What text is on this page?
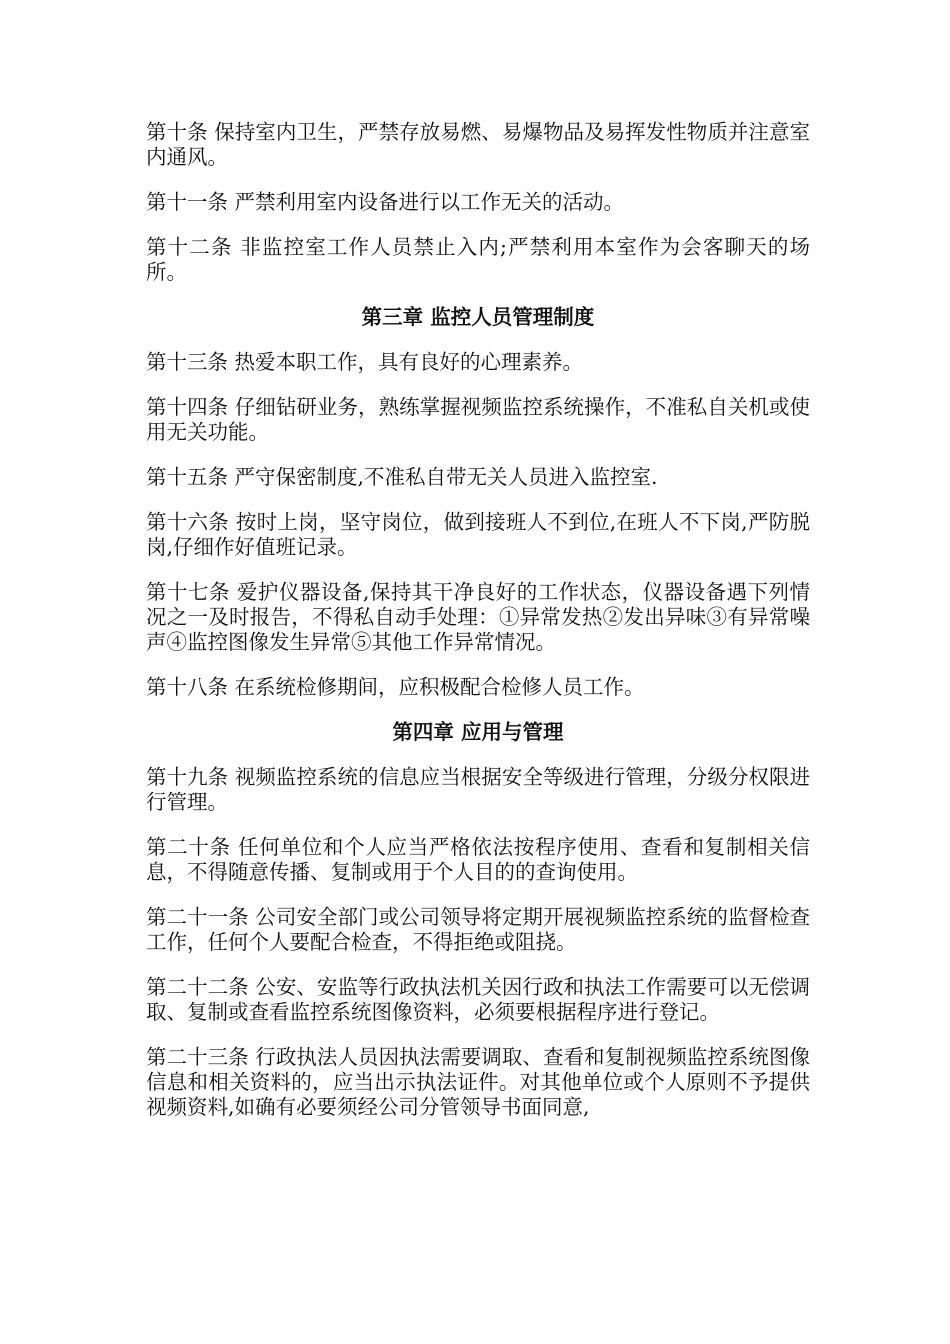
第十条 保持室内卫生，严禁存放易燃、易爆物品及易挥发性物质并注意室内通风。

第十一条 严禁利用室内设备进行以工作无关的活动。

第十二条 非监控室工作人员禁止入内;严禁利用本室作为会客聊天的场所。

第三章 监控人员管理制度

第十三条 热爱本职工作，具有良好的心理素养。

第十四条 仔细钻研业务，熟练掌握视频监控系统操作，不准私自关机或使用无关功能。

第十五条 严守保密制度,不准私自带无关人员进入监控室.

第十六条 按时上岗，坚守岗位，做到接班人不到位,在班人不下岗,严防脱岗,仔细作好值班记录。

第十七条 爱护仪器设备,保持其干净良好的工作状态，仪器设备遇下列情况之一及时报告，不得私自动手处理：①异常发热②发出异味③有异常噪声④监控图像发生异常⑤其他工作异常情况。

第十八条 在系统检修期间，应积极配合检修人员工作。

第四章 应用与管理

第十九条 视频监控系统的信息应当根据安全等级进行管理，分级分权限进行管理。

第二十条 任何单位和个人应当严格依法按程序使用、查看和复制相关信息，不得随意传播、复制或用于个人目的的查询使用。

第二十一条 公司安全部门或公司领导将定期开展视频监控系统的监督检查工作，任何个人要配合检查，不得拒绝或阻挠。

第二十二条 公安、安监等行政执法机关因行政和执法工作需要可以无偿调取、复制或查看监控系统图像资料，必须要根据程序进行登记。

第二十三条 行政执法人员因执法需要调取、查看和复制视频监控系统图像信息和相关资料的，应当出示执法证件。对其他单位或个人原则不予提供视频资料,如确有必要须经公司分管领导书面同意,
